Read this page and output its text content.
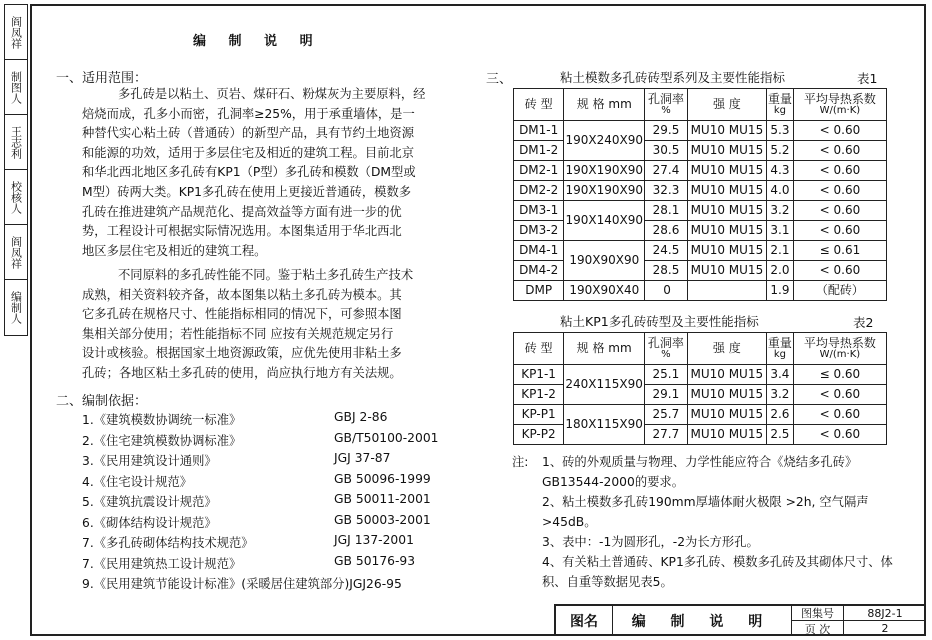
阎凤祥
制图人
王志利
校核人
阎凤祥
编制人
编 制 说 明
一、适用范围：
多孔砖是以粘土、页岩、煤矸石、粉煤灰为主要原料，经
焙烧而成，孔多小而密，孔洞率≥25%，用于承重墙体，是一
种替代实心粘土砖（普通砖）的新型产品，具有节约土地资源
和能源的功效，适用于多层住宅及相近的建筑工程。目前北京
和华北西北地区多孔砖有KP1（P型）多孔砖和模数（DM型或
M型）砖两大类。KP1多孔砖在使用上更接近普通砖，模数多
孔砖在推进建筑产品规范化、提高效益等方面有进一步的优
势，工程设计可根据实际情况选用。本图集适用于华北西北
地区多层住宅及相近的建筑工程。
不同原料的多孔砖性能不同。鉴于粘土多孔砖生产技术
成熟，相关资料较齐备，故本图集以粘土多孔砖为模本。其
它多孔砖在规格尺寸、性能指标相同的情况下，可参照本图
集相关部分使用；若性能指标不同 应按有关规范规定另行
设计或核验。根据国家土地资源政策，应优先使用非粘土多
孔砖；各地区粘土多孔砖的使用，尚应执行地方有关法规。
二、编制依据：
1.《建筑模数协调统一标准》	GBJ 2-86
2.《住宅建筑模数协调标准》	GB/T50100-2001
3.《民用建筑设计通则》	JGJ 37-87
4.《住宅设计规范》	GB 50096-1999
5.《建筑抗震设计规范》	GB 50011-2001
6.《砌体结构设计规范》	GB 50003-2001
7.《多孔砖砌体结构技术规范》	JGJ 137-2001
7.《民用建筑热工设计规范》	GB 50176-93
9.《民用建筑节能设计标准》(采暖居住建筑部分)JGJ26-95
三、	粘土模数多孔砖砖型系列及主要性能指标	表1
砖 型	规 格 mm	孔洞率
%	强 度	重量
kg	平均导热系数
W/(m·K)

DM1-1	190X240X90	29.5	MU10 MU15	5.3	< 0.60
DM1-2		30.5	MU10 MU15	5.2	< 0.60
DM2-1	190X190X90	27.4	MU10 MU15	4.3	< 0.60
DM2-2	190X190X90	32.3	MU10 MU15	4.0	< 0.60
DM3-1	190X140X90	28.1	MU10 MU15	3.2	< 0.60
DM3-2		28.6	MU10 MU15	3.1	< 0.60
DM4-1	190X90X90	24.5	MU10 MU15	2.1	≤ 0.61
DM4-2		28.5	MU10 MU15	2.0	< 0.60
DMP	190X90X40	0		1.9	（配砖）
粘土KP1多孔砖砖型及主要性能指标	表2
砖 型	规 格 mm	孔洞率
%	强 度	重量
kg	平均导热系数
W/(m·K)

KP1-1	240X115X90	25.1	MU10 MU15	3.4	≤ 0.60
KP1-2		29.1	MU10 MU15	3.2	< 0.60
KP-P1	180X115X90	25.7	MU10 MU15	2.6	< 0.60
KP-P2		27.7	MU10 MU15	2.5	< 0.60
注:	1、砖的外观质量与物理、力学性能应符合《烧结多孔砖》GB13544-2000的要求。
2、粘土模数多孔砖190mm厚墙体耐火极限 >2h, 空气隔声>45dB。
3、表中：-1为圆形孔，-2为长方形孔。
4、有关粘土普通砖、KP1多孔砖、模数多孔砖及其砌体尺寸、体积、自重等数据见表5。
图名	编 制 说 明
图集号	88J2-1
页 次	2
